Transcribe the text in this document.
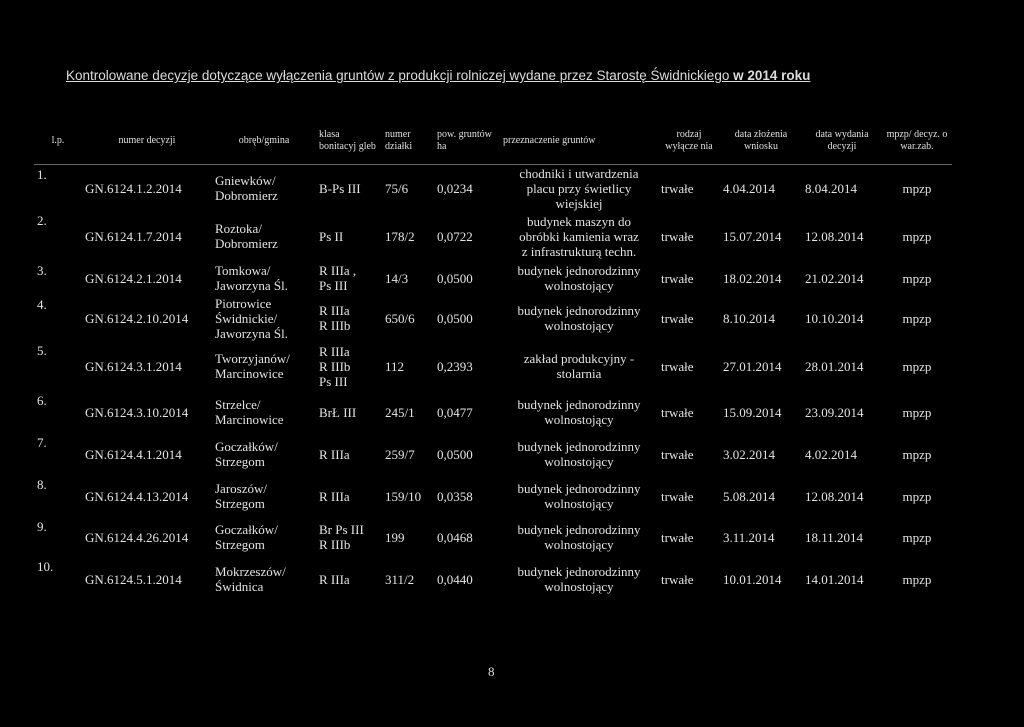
Kontrolowane decyzje dotyczące wyłączenia gruntów z produkcji rolniczej wydane przez Starostę Świdnickiego w 2014 roku
l.p.	numer decyzji	obręb/gmina	klasa bonitacyj gleb	numer działki	pow. gruntów ha	przeznaczenie gruntów	rodzaj wyłącze nia	data złożenia wniosku	data wydania decyzji	mpzp/ decyz. o war.zab.
1.	GN.6124.1.2.2014	Gniewków/
Dobromierz	B-Ps III	75/6	0,0234	chodniki i utwardzenia
placu przy świetlicy
wiejskiej	trwałe	4.04.2014	8.04.2014	mpzp
2.	GN.6124.1.7.2014	Roztoka/
Dobromierz	Ps II	178/2	0,0722	budynek maszyn do
obróbki kamienia wraz
z infrastrukturą techn.	trwałe	15.07.2014	12.08.2014	mpzp
3.	GN.6124.2.1.2014	Tomkowa/
Jaworzyna Śl.	R IIIa ,
Ps III	14/3	0,0500	budynek jednorodzinny
wolnostojący	trwałe	18.02.2014	21.02.2014	mpzp
4.	GN.6124.2.10.2014	Piotrowice
Świdnickie/
Jaworzyna Śl.	R IIIa
R IIIb	650/6	0,0500	budynek jednorodzinny
wolnostojący	trwałe	8.10.2014	10.10.2014	mpzp
5.	GN.6124.3.1.2014	Tworzyjanów/
Marcinowice	R IIIa
R IIIb
Ps III	112	0,2393	zakład produkcyjny -
stolarnia	trwałe	27.01.2014	28.01.2014	mpzp
6.	GN.6124.3.10.2014	Strzelce/
Marcinowice	BrŁ III	245/1	0,0477	budynek jednorodzinny
wolnostojący	trwałe	15.09.2014	23.09.2014	mpzp
7.	GN.6124.4.1.2014	Goczałków/
Strzegom	R IIIa	259/7	0,0500	budynek jednorodzinny
wolnostojący	trwałe	3.02.2014	4.02.2014	mpzp
8.	GN.6124.4.13.2014	Jaroszów/
Strzegom	R IIIa	159/10	0,0358	budynek jednorodzinny
wolnostojący	trwałe	5.08.2014	12.08.2014	mpzp
9.	GN.6124.4.26.2014	Goczałków/
Strzegom	Br Ps III
R IIIb	199	0,0468	budynek jednorodzinny
wolnostojący	trwałe	3.11.2014	18.11.2014	mpzp
10.	GN.6124.5.1.2014	Mokrzeszów/
Świdnica	R IIIa	311/2	0,0440	budynek jednorodzinny
wolnostojący	trwałe	10.01.2014	14.01.2014	mpzp
8
